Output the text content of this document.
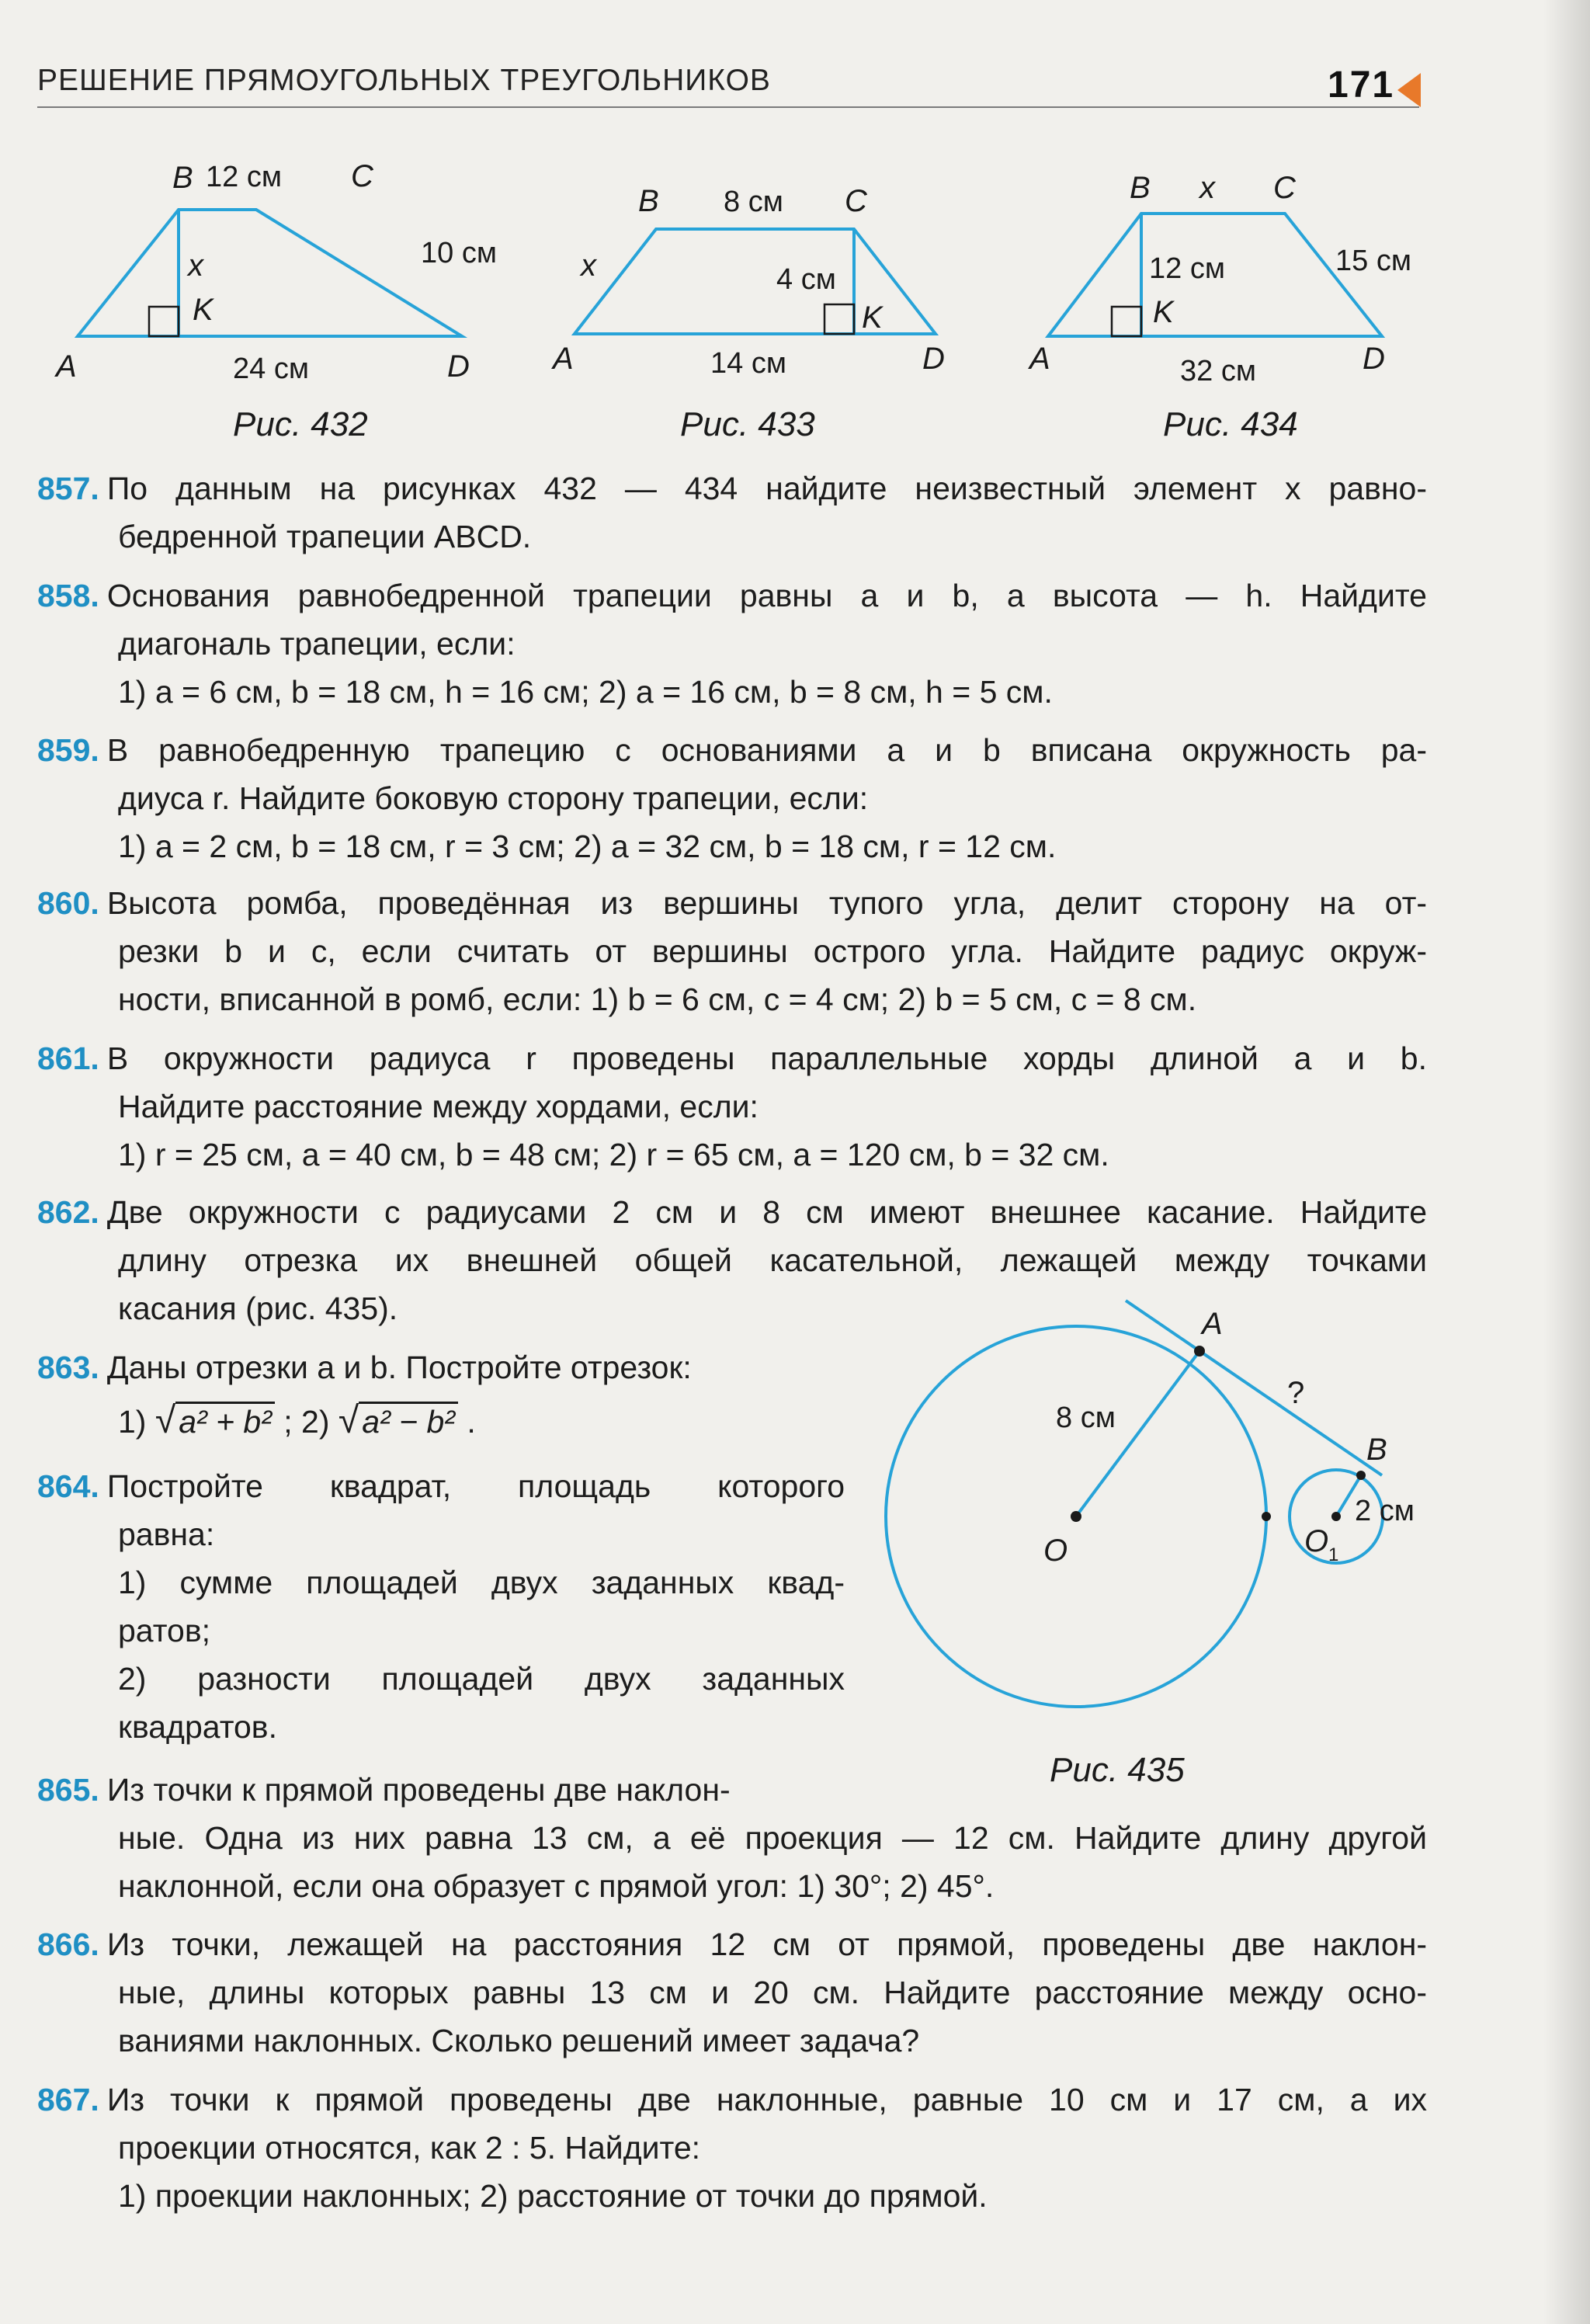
РЕШЕНИЕ ПРЯМОУГОЛЬНЫХ ТРЕУГОЛЬНИКОВ	171
B 12 см C
x	10 см
K
A	24 см	D
Рис. 432
B 8 см C
x	4 см
K
A	14 см	D
Рис. 433
B x C
12 см	15 см
K
A	32 см	D
Рис. 434
857. По данным на рисунках 432 — 434 найдите неизвестный элемент x равно-
бедренной трапеции ABCD.
858. Основания равнобедренной трапеции равны a и b, а высота — h. Найдите
диагональ трапеции, если:
1) a = 6 см, b = 18 см, h = 16 см; 2) a = 16 см, b = 8 см, h = 5 см.
859. В равнобедренную трапецию с основаниями a и b вписана окружность ра-
диуса r. Найдите боковую сторону трапеции, если:
1) a = 2 см, b = 18 см, r = 3 см; 2) a = 32 см, b = 18 см, r = 12 см.
860. Высота ромба, проведённая из вершины тупого угла, делит сторону на от-
резки b и c, если считать от вершины острого угла. Найдите радиус окруж-
ности, вписанной в ромб, если: 1) b = 6 см, c = 4 см; 2) b = 5 см, c = 8 см.
861. В окружности радиуса r проведены параллельные хорды длиной a и b.
Найдите расстояние между хордами, если:
1) r = 25 см, a = 40 см, b = 48 см; 2) r = 65 см, a = 120 см, b = 32 см.
862. Две окружности с радиусами 2 см и 8 см имеют внешнее касание. Найдите
длину отрезка их внешней общей касательной, лежащей между точками
касания (рис. 435).
863. Даны отрезки a и b. Постройте отрезок:
1) √a² + b² ; 2) √a² − b² .
864. Постройте квадрат, площадь которого
равна:
1) сумме площадей двух заданных квад-
ратов;
2) разности площадей двух заданных
квадратов.
A
?
B
8 см
2 см
O	O 1
Рис. 435
865. Из точки к прямой проведены две наклон-
ные. Одна из них равна 13 см, а её проекция — 12 см. Найдите длину другой
наклонной, если она образует с прямой угол: 1) 30°; 2) 45°.
866. Из точки, лежащей на расстояния 12 см от прямой, проведены две наклон-
ные, длины которых равны 13 см и 20 см. Найдите расстояние между осно-
ваниями наклонных. Сколько решений имеет задача?
867. Из точки к прямой проведены две наклонные, равные 10 см и 17 см, а их
проекции относятся, как 2 : 5. Найдите:
1) проекции наклонных; 2) расстояние от точки до прямой.
